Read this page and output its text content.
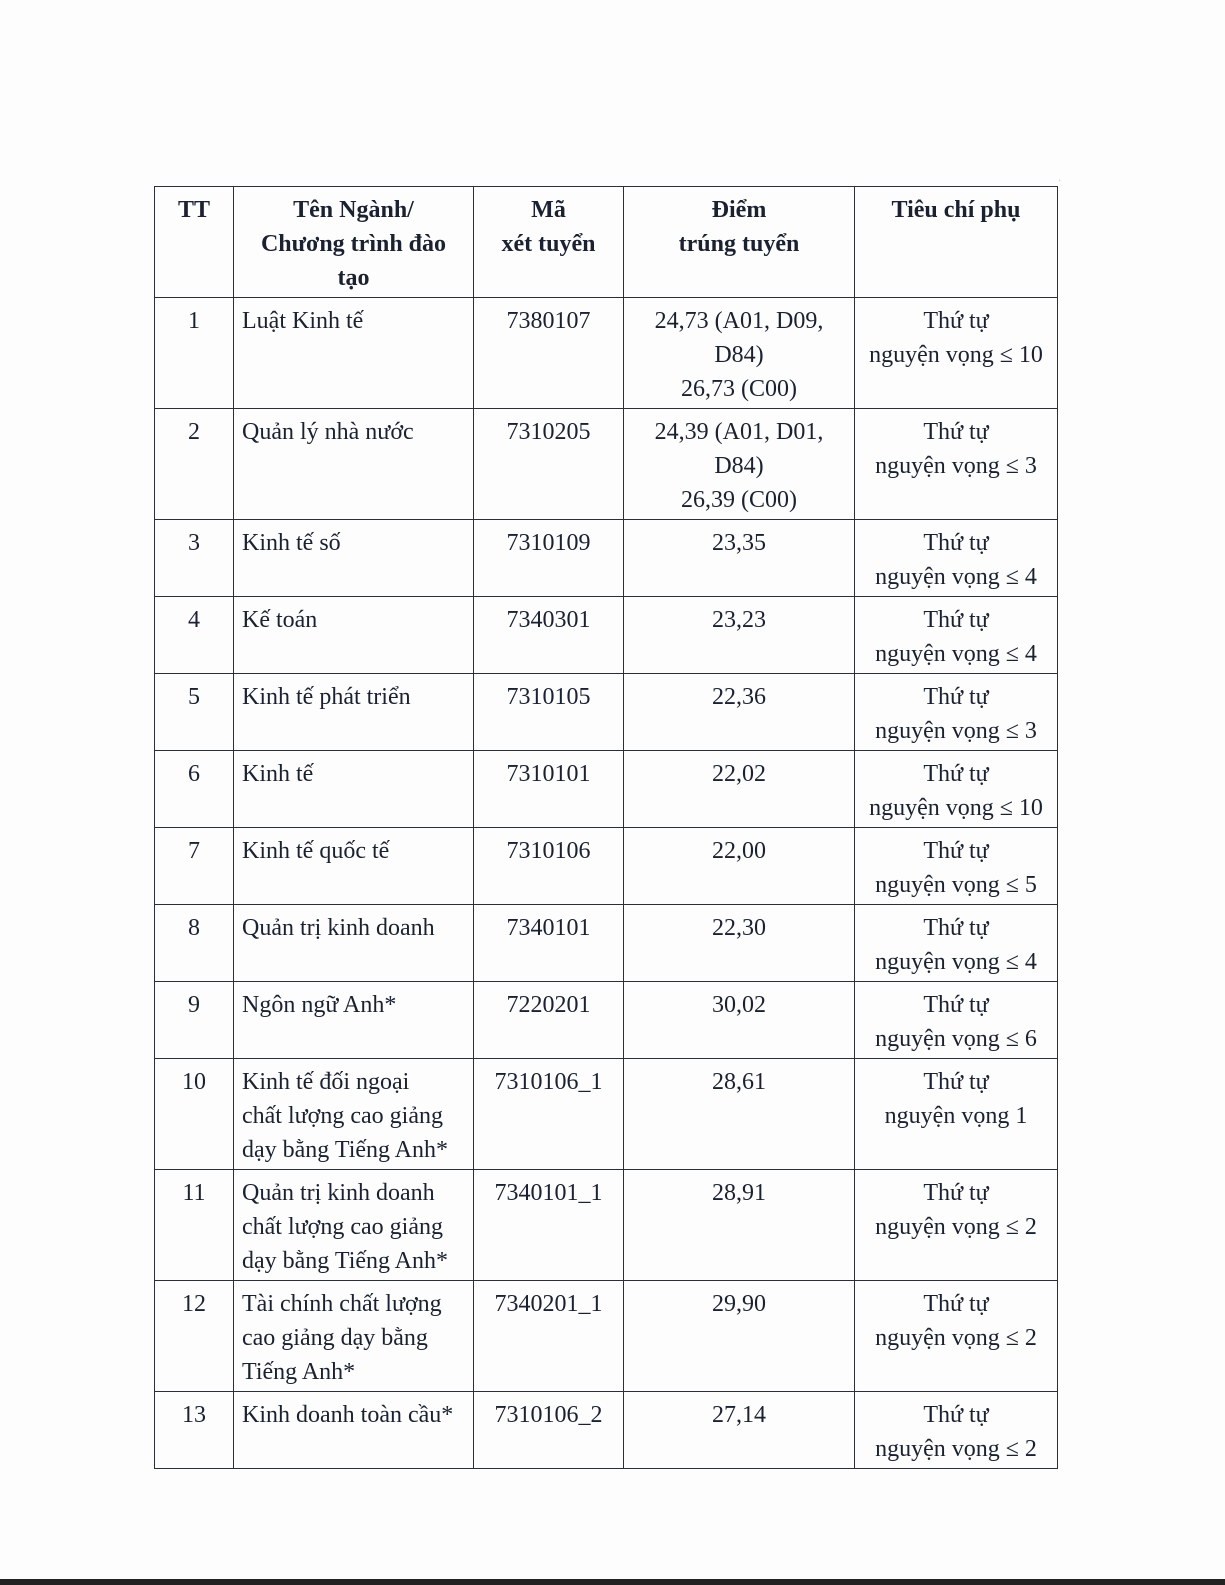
·
TT	Tên Ngành/
Chương trình đào
tạo	Mã
xét tuyển	Điểm
trúng tuyển	Tiêu chí phụ

1	Luật Kinh tế	7380107	24,73 (A01, D09,
D84)
26,73 (C00)	Thứ tự
nguyện vọng ≤ 10

2	Quản lý nhà nước	7310205	24,39 (A01, D01,
D84)
26,39 (C00)	Thứ tự
nguyện vọng ≤ 3

3	Kinh tế số	7310109	23,35	Thứ tự
nguyện vọng ≤ 4

4	Kế toán	7340301	23,23	Thứ tự
nguyện vọng ≤ 4

5	Kinh tế phát triển	7310105	22,36	Thứ tự
nguyện vọng ≤ 3

6	Kinh tế	7310101	22,02	Thứ tự
nguyện vọng ≤ 10

7	Kinh tế quốc tế	7310106	22,00	Thứ tự
nguyện vọng ≤ 5

8	Quản trị kinh doanh	7340101	22,30	Thứ tự
nguyện vọng ≤ 4

9	Ngôn ngữ Anh*	7220201	30,02	Thứ tự
nguyện vọng ≤ 6

10	Kinh tế đối ngoại
chất lượng cao giảng
dạy bằng Tiếng Anh*	7310106_1	28,61	Thứ tự
nguyện vọng 1

11	Quản trị kinh doanh
chất lượng cao giảng
dạy bằng Tiếng Anh*	7340101_1	28,91	Thứ tự
nguyện vọng ≤ 2

12	Tài chính chất lượng
cao giảng dạy bằng
Tiếng Anh*	7340201_1	29,90	Thứ tự
nguyện vọng ≤ 2

13	Kinh doanh toàn cầu*	7310106_2	27,14	Thứ tự
nguyện vọng ≤ 2
